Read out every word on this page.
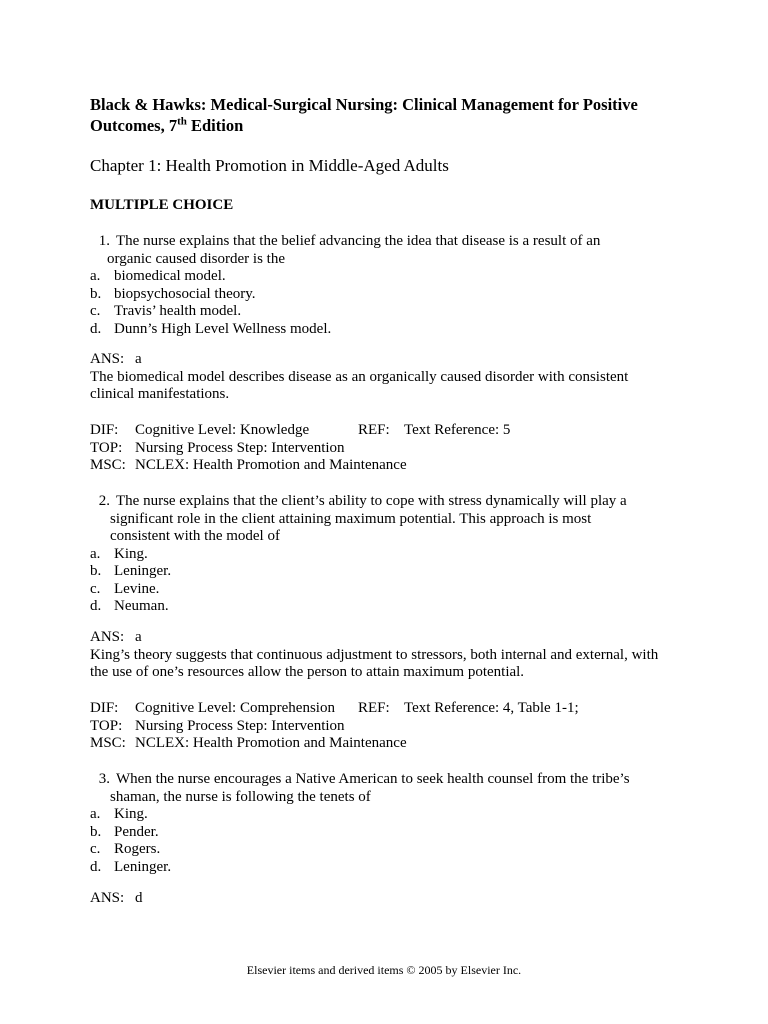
Black & Hawks: Medical-Surgical Nursing: Clinical Management for Positive
Outcomes, 7th Edition
Chapter 1: Health Promotion in Middle-Aged Adults
MULTIPLE CHOICE
1. The nurse explains that the belief advancing the idea that disease is a result of an
organic caused disorder is the
a. biomedical model.
b. biopsychosocial theory.
c. Travis’ health model.
d. Dunn’s High Level Wellness model.
ANS: a
The biomedical model describes disease as an organically caused disorder with consistent
clinical manifestations.
DIF: Cognitive Level: Knowledge	REF: Text Reference: 5
TOP: Nursing Process Step: Intervention
MSC: NCLEX: Health Promotion and Maintenance
2. The nurse explains that the client’s ability to cope with stress dynamically will play a
significant role in the client attaining maximum potential. This approach is most
consistent with the model of
a. King.
b. Leninger.
c. Levine.
d. Neuman.
ANS: a
King’s theory suggests that continuous adjustment to stressors, both internal and external, with
the use of one’s resources allow the person to attain maximum potential.
DIF: Cognitive Level: Comprehension REF: Text Reference: 4, Table 1-1;
TOP: Nursing Process Step: Intervention
MSC: NCLEX: Health Promotion and Maintenance
3. When the nurse encourages a Native American to seek health counsel from the tribe’s
shaman, the nurse is following the tenets of
a. King.
b. Pender.
c. Rogers.
d. Leninger.
ANS: d
Elsevier items and derived items © 2005 by Elsevier Inc.
